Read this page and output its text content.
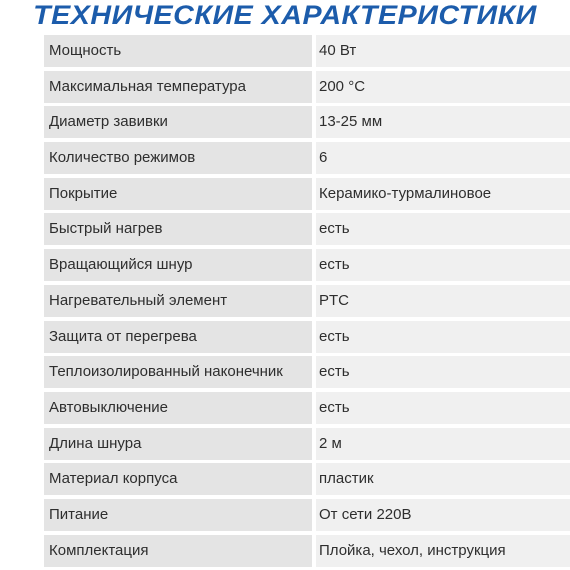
ТЕХНИЧЕСКИЕ ХАРАКТЕРИСТИКИ
Мощность	40 Вт
Максимальная температура	200 °С
Диаметр завивки	13-25 мм
Количество режимов	6
Покрытие	Керамико-турмалиновое
Быстрый нагрев	есть
Вращающийся шнур	есть
Нагревательный элемент	PTC
Защита от перегрева	есть
Теплоизолированный наконечник	есть
Автовыключение	есть
Длина шнура	2 м
Материал корпуса	пластик
Питание	От сети 220В
Комплектация	Плойка, чехол, инструкция
